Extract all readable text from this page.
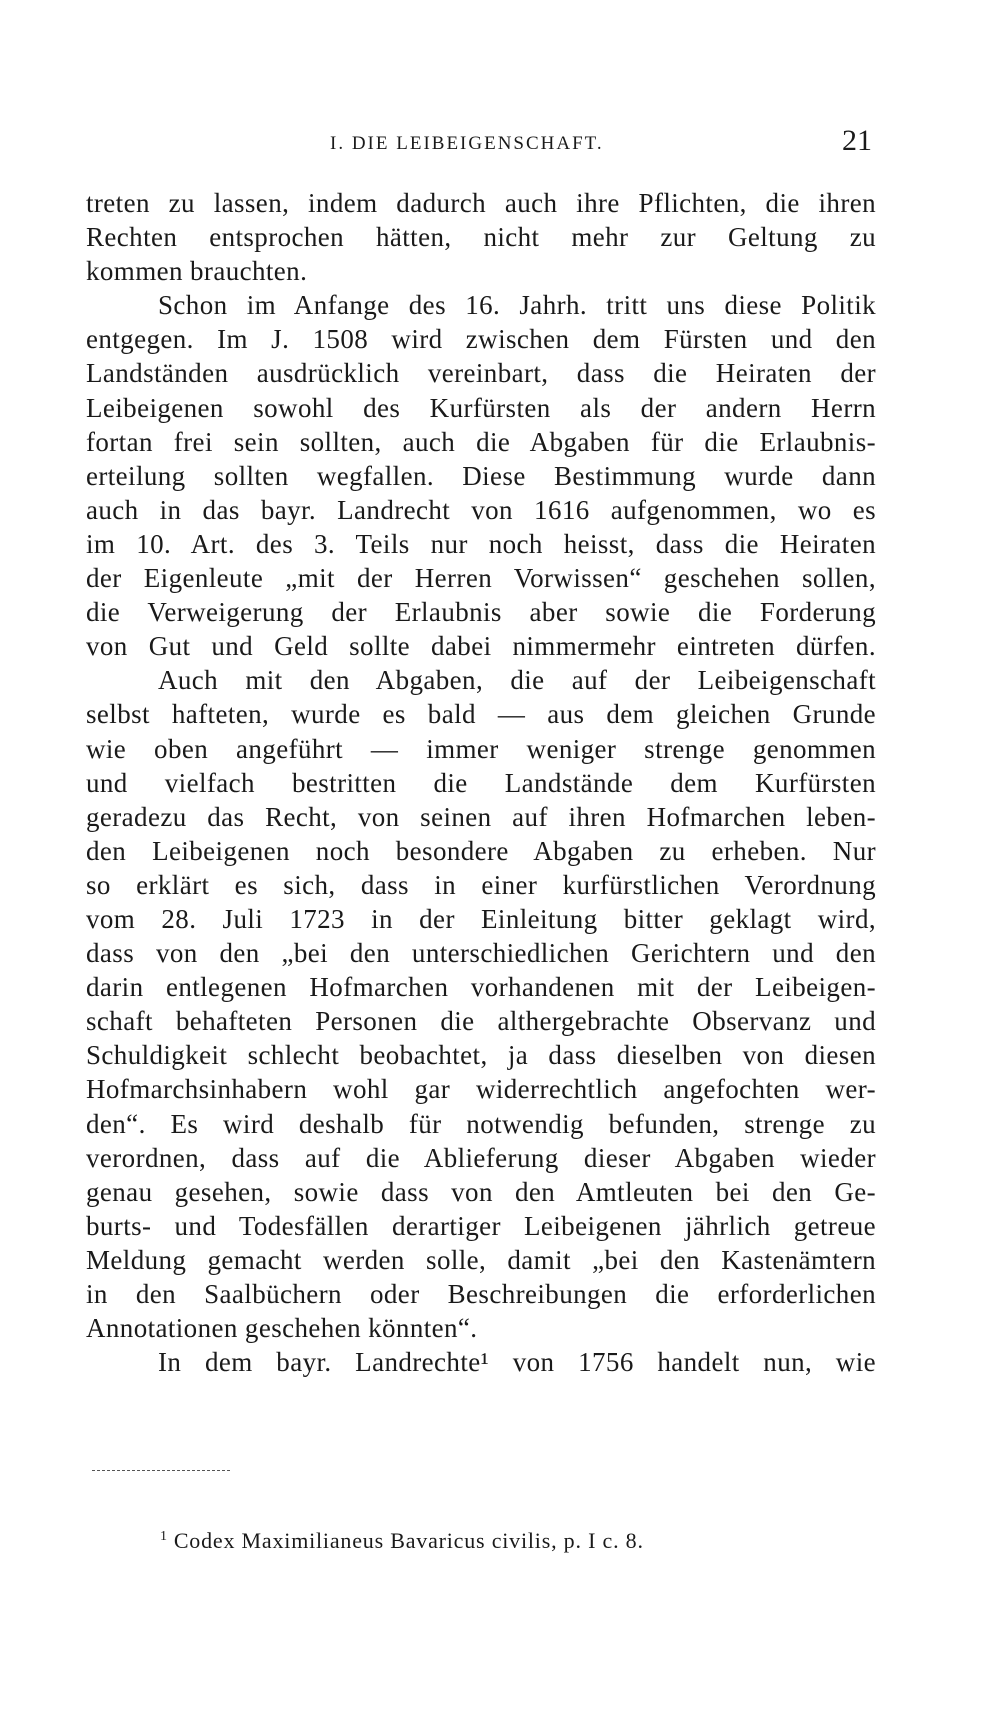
I. DIE LEIBEIGENSCHAFT.	21
treten zu lassen, indem dadurch auch ihre Pflichten, die ihren
Rechten entsprochen hätten, nicht mehr zur Geltung zu
kommen brauchten.
Schon im Anfange des 16. Jahrh. tritt uns diese Politik
entgegen. Im J. 1508 wird zwischen dem Fürsten und den
Landständen ausdrücklich vereinbart, dass die Heiraten der
Leibeigenen sowohl des Kurfürsten als der andern Herrn
fortan frei sein sollten, auch die Abgaben für die Erlaubnis-
erteilung sollten wegfallen. Diese Bestimmung wurde dann
auch in das bayr. Landrecht von 1616 aufgenommen, wo es
im 10. Art. des 3. Teils nur noch heisst, dass die Heiraten
der Eigenleute „mit der Herren Vorwissen“ geschehen sollen,
die Verweigerung der Erlaubnis aber sowie die Forderung
von Gut und Geld sollte dabei nimmermehr eintreten dürfen.
Auch mit den Abgaben, die auf der Leibeigenschaft
selbst hafteten, wurde es bald — aus dem gleichen Grunde
wie oben angeführt — immer weniger strenge genommen
und vielfach bestritten die Landstände dem Kurfürsten
geradezu das Recht, von seinen auf ihren Hofmarchen leben-
den Leibeigenen noch besondere Abgaben zu erheben. Nur
so erklärt es sich, dass in einer kurfürstlichen Verordnung
vom 28. Juli 1723 in der Einleitung bitter geklagt wird,
dass von den „bei den unterschiedlichen Gerichtern und den
darin entlegenen Hofmarchen vorhandenen mit der Leibeigen-
schaft behafteten Personen die althergebrachte Observanz und
Schuldigkeit schlecht beobachtet, ja dass dieselben von diesen
Hofmarchsinhabern wohl gar widerrechtlich angefochten wer-
den“. Es wird deshalb für notwendig befunden, strenge zu
verordnen, dass auf die Ablieferung dieser Abgaben wieder
genau gesehen, sowie dass von den Amtleuten bei den Ge-
burts- und Todesfällen derartiger Leibeigenen jährlich getreue
Meldung gemacht werden solle, damit „bei den Kastenämtern
in den Saalbüchern oder Beschreibungen die erforderlichen
Annotationen geschehen könnten“.
In dem bayr. Landrechte¹ von 1756 handelt nun, wie
$^1$ Codex Maximilianeus Bavaricus civilis, p. I c. 8.
